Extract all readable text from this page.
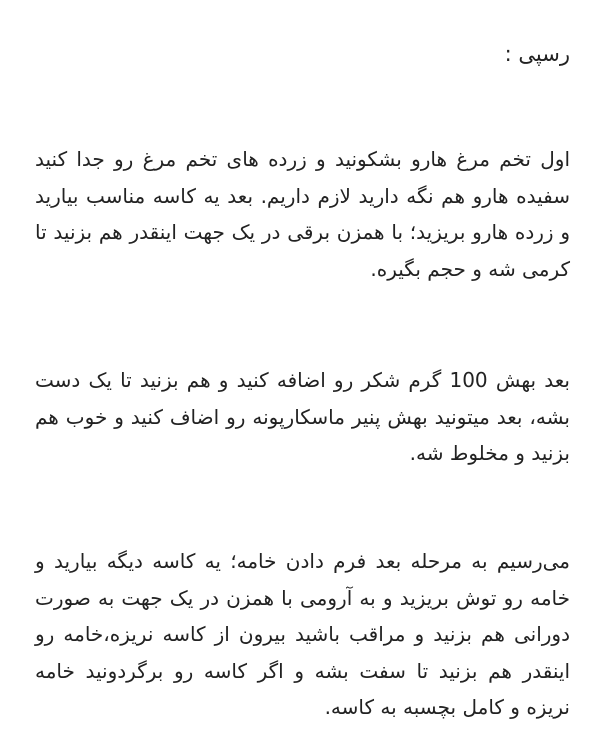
رسپی :

اول تخم مرغ هارو بشکونید و زرده های تخم مرغ رو جدا کنید سفیده هارو هم نگه دارید لازم داریم. بعد یه کاسه مناسب بیارید و زرده هارو بریزید؛ با همزن برقی در یک جهت اینقدر هم بزنید تا کرمی شه و حجم بگیره.

بعد بهش 100 گرم شکر رو اضافه کنید و هم بزنید تا یک دست بشه، بعد میتونید بهش پنیر ماسکارپونه رو اضاف کنید و خوب هم بزنید و مخلوط شه.

می‌رسیم به مرحله بعد فرم دادن خامه؛ یه کاسه دیگه بیارید و خامه رو توش بریزید و به آرومی با همزن در یک جهت به صورت دورانی هم بزنید و مراقب باشید بیرون از کاسه نریزه،خامه رو اینقدر هم بزنید تا سفت بشه و اگر کاسه رو برگردونید خامه نریزه و کامل بچسبه به کاسه.
